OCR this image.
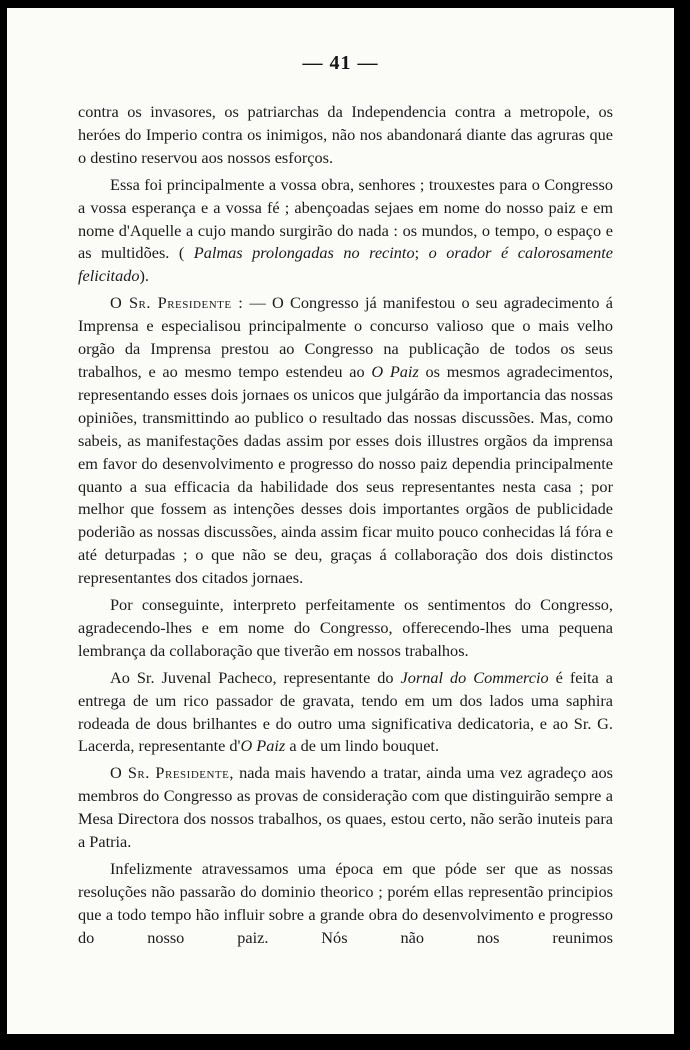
— 41 —

contra os invasores, os patriarchas da Independencia contra a metropole, os heróes do Imperio contra os inimigos, não nos abandonará diante das agruras que o destino reservou aos nossos esforços.

Essa foi principalmente a vossa obra, senhores ; trouxestes para o Congresso a vossa esperança e a vossa fé ; abençoadas sejaes em nome do nosso paiz e em nome d'Aquelle a cujo mando surgirão do nada : os mundos, o tempo, o espaço e as multidões. ( Palmas prolongadas no recinto; o orador é calorosamente felicitado).

O Sr. Presidente : — O Congresso já manifestou o seu agradecimento á Imprensa e especialisou principalmente o concurso valioso que o mais velho orgão da Imprensa prestou ao Congresso na publicação de todos os seus trabalhos, e ao mesmo tempo estendeu ao O Paiz os mesmos agradecimentos, representando esses dois jornaes os unicos que julgárão da importancia das nossas opiniões, transmittindo ao publico o resultado das nossas discussões. Mas, como sabeis, as manifestações dadas assim por esses dois illustres orgãos da imprensa em favor do desenvolvimento e progresso do nosso paiz dependia principalmente quanto a sua efficacia da habilidade dos seus representantes nesta casa ; por melhor que fossem as intenções desses dois importantes orgãos de publicidade poderião as nossas discussões, ainda assim ficar muito pouco conhecidas lá fóra e até deturpadas ; o que não se deu, graças á collaboração dos dois distinctos representantes dos citados jornaes.

Por conseguinte, interpreto perfeitamente os sentimentos do Congresso, agradecendo-lhes e em nome do Congresso, offerecendo-lhes uma pequena lembrança da collaboração que tiverão em nossos trabalhos.

Ao Sr. Juvenal Pacheco, representante do Jornal do Commercio é feita a entrega de um rico passador de gravata, tendo em um dos lados uma saphira rodeada de dous brilhantes e do outro uma significativa dedicatoria, e ao Sr. G. Lacerda, representante d'O Paiz a de um lindo bouquet.

O Sr. Presidente, nada mais havendo a tratar, ainda uma vez agradeço aos membros do Congresso as provas de consideração com que distinguirão sempre a Mesa Directora dos nossos trabalhos, os quaes, estou certo, não serão inuteis para a Patria.

Infelizmente atravessamos uma época em que póde ser que as nossas resoluções não passarão do dominio theorico ; porém ellas representão principios que a todo tempo hão influir sobre a grande obra do desenvolvimento e progresso do nosso paiz. Nós não nos reunimos
